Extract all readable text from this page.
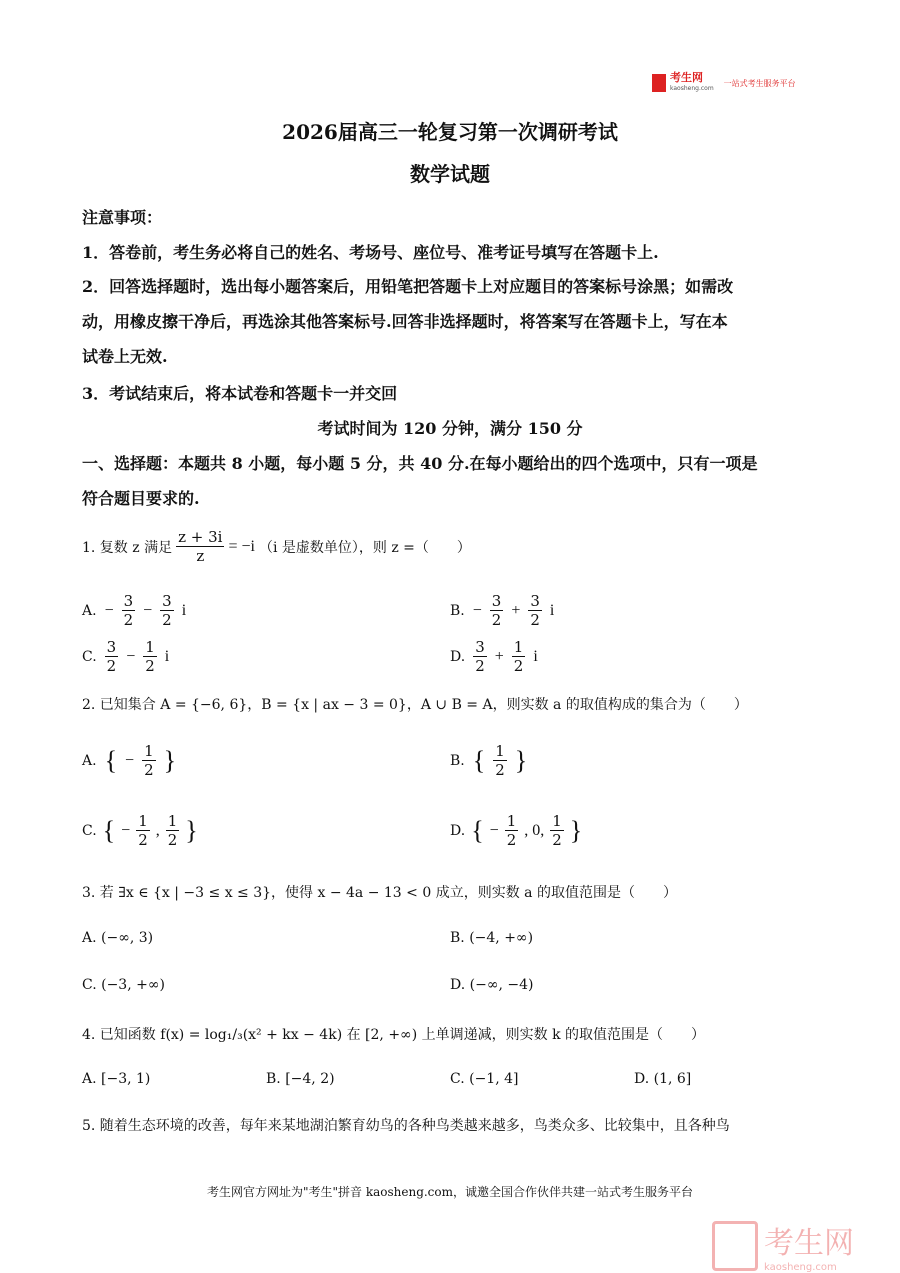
考生网
kaosheng.com
一站式考生服务平台
2026届高三一轮复习第一次调研考试
数学试题
注意事项：
1．答卷前，考生务必将自己的姓名、考场号、座位号、准考证号填写在答题卡上.
2．回答选择题时，选出每小题答案后，用铅笔把答题卡上对应题目的答案标号涂黑；如需改
动，用橡皮擦干净后，再选涂其他答案标号.回答非选择题时，将答案写在答题卡上，写在本
试卷上无效.
3．考试结束后，将本试卷和答题卡一并交回
考试时间为 120 分钟，满分 150 分
一、选择题：本题共 8 小题，每小题 5 分，共 40 分.在每小题给出的四个选项中，只有一项是
符合题目要求的.
1. 复数 z 满足 $\frac{z + 3i}{z} = -i$ （i 是虚数单位），则 z =（　　）
A. − $\frac{3}{2} - \frac{3}{2}$ i	B. − $\frac{3}{2} + \frac{3}{2}$ i
C. $\frac{3}{2} - \frac{1}{2}$ i	D. $\frac{3}{2} + \frac{1}{2}$ i
2. 已知集合 A = {−6, 6}，B = {x | ax − 3 = 0}，A ∪ B = A，则实数 a 的取值构成的集合为（　　）
A. { − $\frac{1}{2}$ }	B. { $\frac{1}{2}$ }
C. { − $\frac{1}{2}$ , $\frac{1}{2}$ }	D. { − $\frac{1}{2}$ , 0, $\frac{1}{2}$ }
3. 若 ∃x ∈ {x | −3 ≤ x ≤ 3}，使得 x − 4a − 13 < 0 成立，则实数 a 的取值范围是（　　）
A. (−∞, 3)	B. (−4, +∞)
C. (−3, +∞)	D. (−∞, −4)
4. 已知函数 f(x) = log₁/₃(x² + kx − 4k) 在 [2, +∞) 上单调递减，则实数 k 的取值范围是（　　）
A. [−3, 1)	B. [−4, 2)	C. (−1, 4]	D. (1, 6]
5. 随着生态环境的改善，每年来某地湖泊繁育幼鸟的各种鸟类越来越多，鸟类众多、比较集中，且各种鸟
考生网官方网址为"考生"拼音 kaosheng.com，诚邀全国合作伙伴共建一站式考生服务平台
考生网
kaosheng.com
